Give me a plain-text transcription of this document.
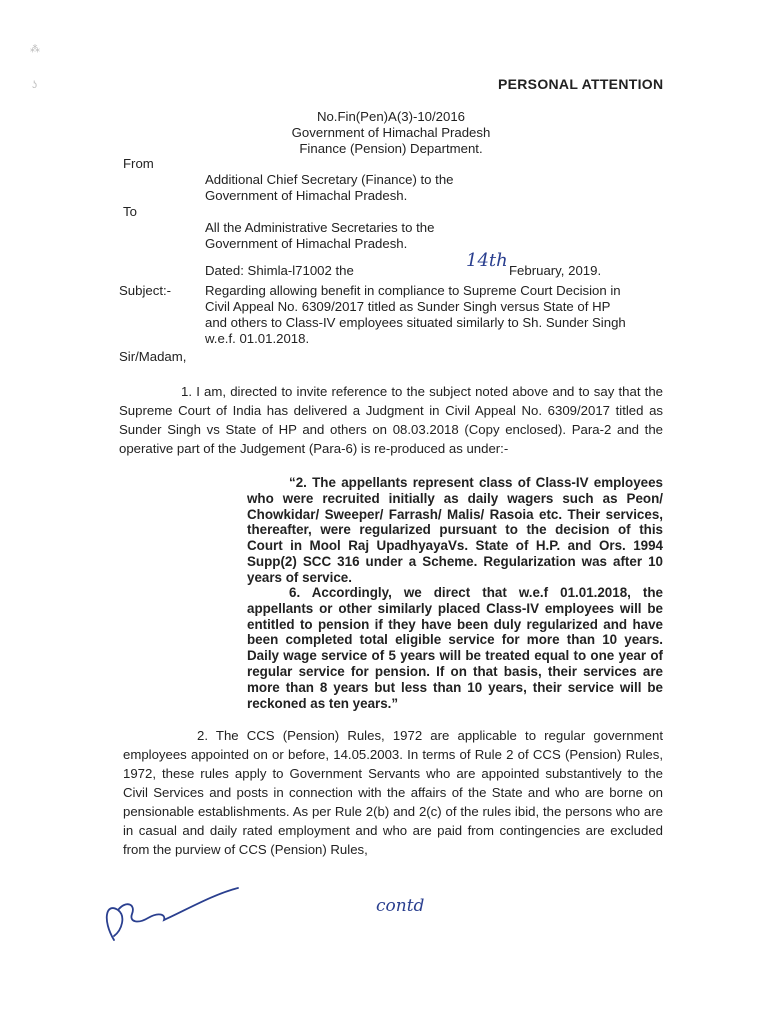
⁂
ʖ	PERSONAL ATTENTION
No.Fin(Pen)A(3)-10/2016
Government of Himachal Pradesh
Finance (Pension) Department.
From
Additional Chief Secretary (Finance) to the
Government of Himachal Pradesh.
To
All the Administrative Secretaries to the
Government of Himachal Pradesh.
Dated: Shimla-l71002 the	14th February, 2019.
Subject:-	Regarding allowing benefit in compliance to Supreme Court Decision in
Civil Appeal No. 6309/2017 titled as Sunder Singh versus State of HP
and others to Class-IV employees situated similarly to Sh. Sunder Singh
w.e.f. 01.01.2018.
Sir/Madam,
1. I am, directed to invite reference to the subject noted above and to say that the Supreme Court of India has delivered a Judgment in Civil Appeal No. 6309/2017 titled as Sunder Singh vs State of HP and others on 08.03.2018 (Copy enclosed). Para-2 and the operative part of the Judgement (Para-6) is re-produced as under:-
“2. The appellants represent class of Class-IV employees who were recruited initially as daily wagers such as Peon/ Chowkidar/ Sweeper/ Farrash/ Malis/ Rasoia etc. Their services, thereafter, were regularized pursuant to the decision of this Court in Mool Raj UpadhyayaVs. State of H.P. and Ors. 1994 Supp(2) SCC 316 under a Scheme. Regularization was after 10 years of service.
6. Accordingly, we direct that w.e.f 01.01.2018, the appellants or other similarly placed Class-IV employees will be entitled to pension if they have been duly regularized and have been completed total eligible service for more than 10 years. Daily wage service of 5 years will be treated equal to one year of regular service for pension. If on that basis, their services are more than 8 years but less than 10 years, their service will be reckoned as ten years.”
2. The CCS (Pension) Rules, 1972 are applicable to regular government employees appointed on or before, 14.05.2003. In terms of Rule 2 of CCS (Pension) Rules, 1972, these rules apply to Government Servants who are appointed substantively to the Civil Services and posts in connection with the affairs of the State and who are borne on pensionable establishments. As per Rule 2(b) and 2(c) of the rules ibid, the persons who are in casual and daily rated employment and who are paid from contingencies are excluded from the purview of CCS (Pension) Rules,
contd
